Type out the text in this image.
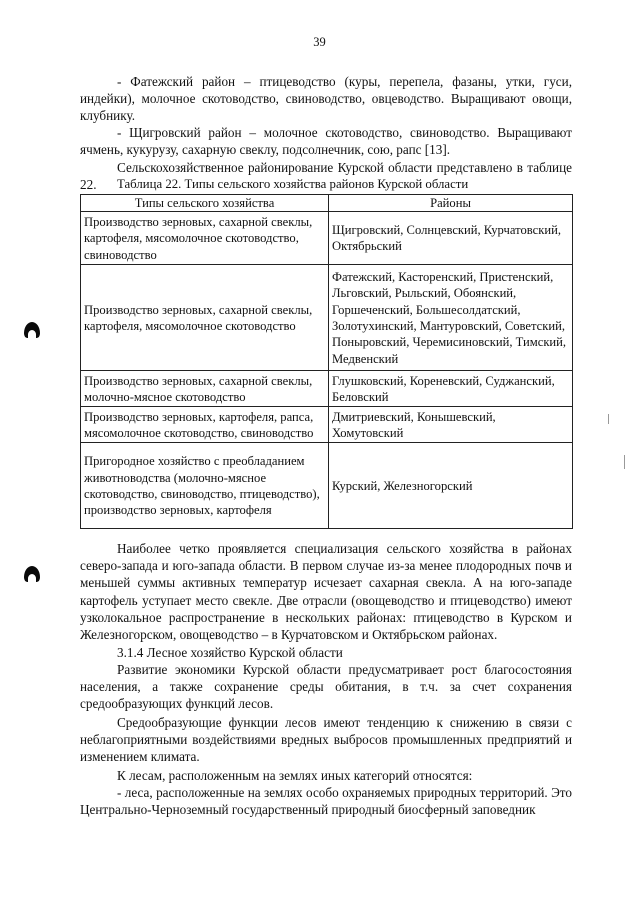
39

- Фатежский район – птицеводство (куры, перепела, фазаны, утки, гуси, индейки), молочное скотоводство, свиноводство, овцеводство. Выращивают овощи, клубнику.

- Щигровский район – молочное скотоводство, свиноводство. Выращивают ячмень, кукурузу, сахарную свеклу, подсолнечник, сою, рапс [13].

Сельскохозяйственное районирование Курской области представлено в таблице 22.	Таблица 22. Типы сельского хозяйства районов Курской области

Типы сельского хозяйства	Районы
Производство зерновых, сахарной свеклы, картофеля, мясомолочное скотоводство, свиноводство	Щигровский, Солнцевский, Курчатовский, Октябрьский
Производство зерновых, сахарной свеклы, картофеля, мясомолочное скотоводство	Фатежский, Касторенский, Пристенский, Льговский, Рыльский, Обоянский, Горшеченский, Большесолдатский, Золотухинский, Мантуровский, Советский, Поныровский, Черемисиновский, Тимский, Медвенский
Производство зерновых, сахарной свеклы, молочно-мясное скотоводство	Глушковский, Кореневский, Суджанский, Беловский
Производство зерновых, картофеля, рапса, мясомолочное скотоводство, свиноводство	Дмитриевский, Конышевский, Хомутовский
Пригородное хозяйство с преобладанием животноводства (молочно-мясное скотоводство, свиноводство, птицеводство), производство зерновых, картофеля	Курский, Железногорский

Наиболее четко проявляется специализация сельского хозяйства в районах северо-запада и юго-запада области. В первом случае из-за менее плодородных почв и меньшей суммы активных температур исчезает сахарная свекла. А на юго-западе картофель уступает место свекле. Две отрасли (овощеводство и птицеводство) имеют узколокальное распространение в нескольких районах: птицеводство в Курском и Железногорском, овощеводство – в Курчатовском и Октябрьском районах.

3.1.4 Лесное хозяйство Курской области

Развитие экономики Курской области предусматривает рост благосостояния населения, а также сохранение среды обитания, в т.ч. за счет сохранения средообразующих функций лесов.

Средообразующие функции лесов имеют тенденцию к снижению в связи с неблагоприятными воздействиями вредных выбросов промышленных предприятий и изменением климата.

К лесам, расположенным на землях иных категорий относятся:

- леса, расположенные на землях особо охраняемых природных территорий. Это Центрально-Черноземный государственный природный биосферный заповедник
